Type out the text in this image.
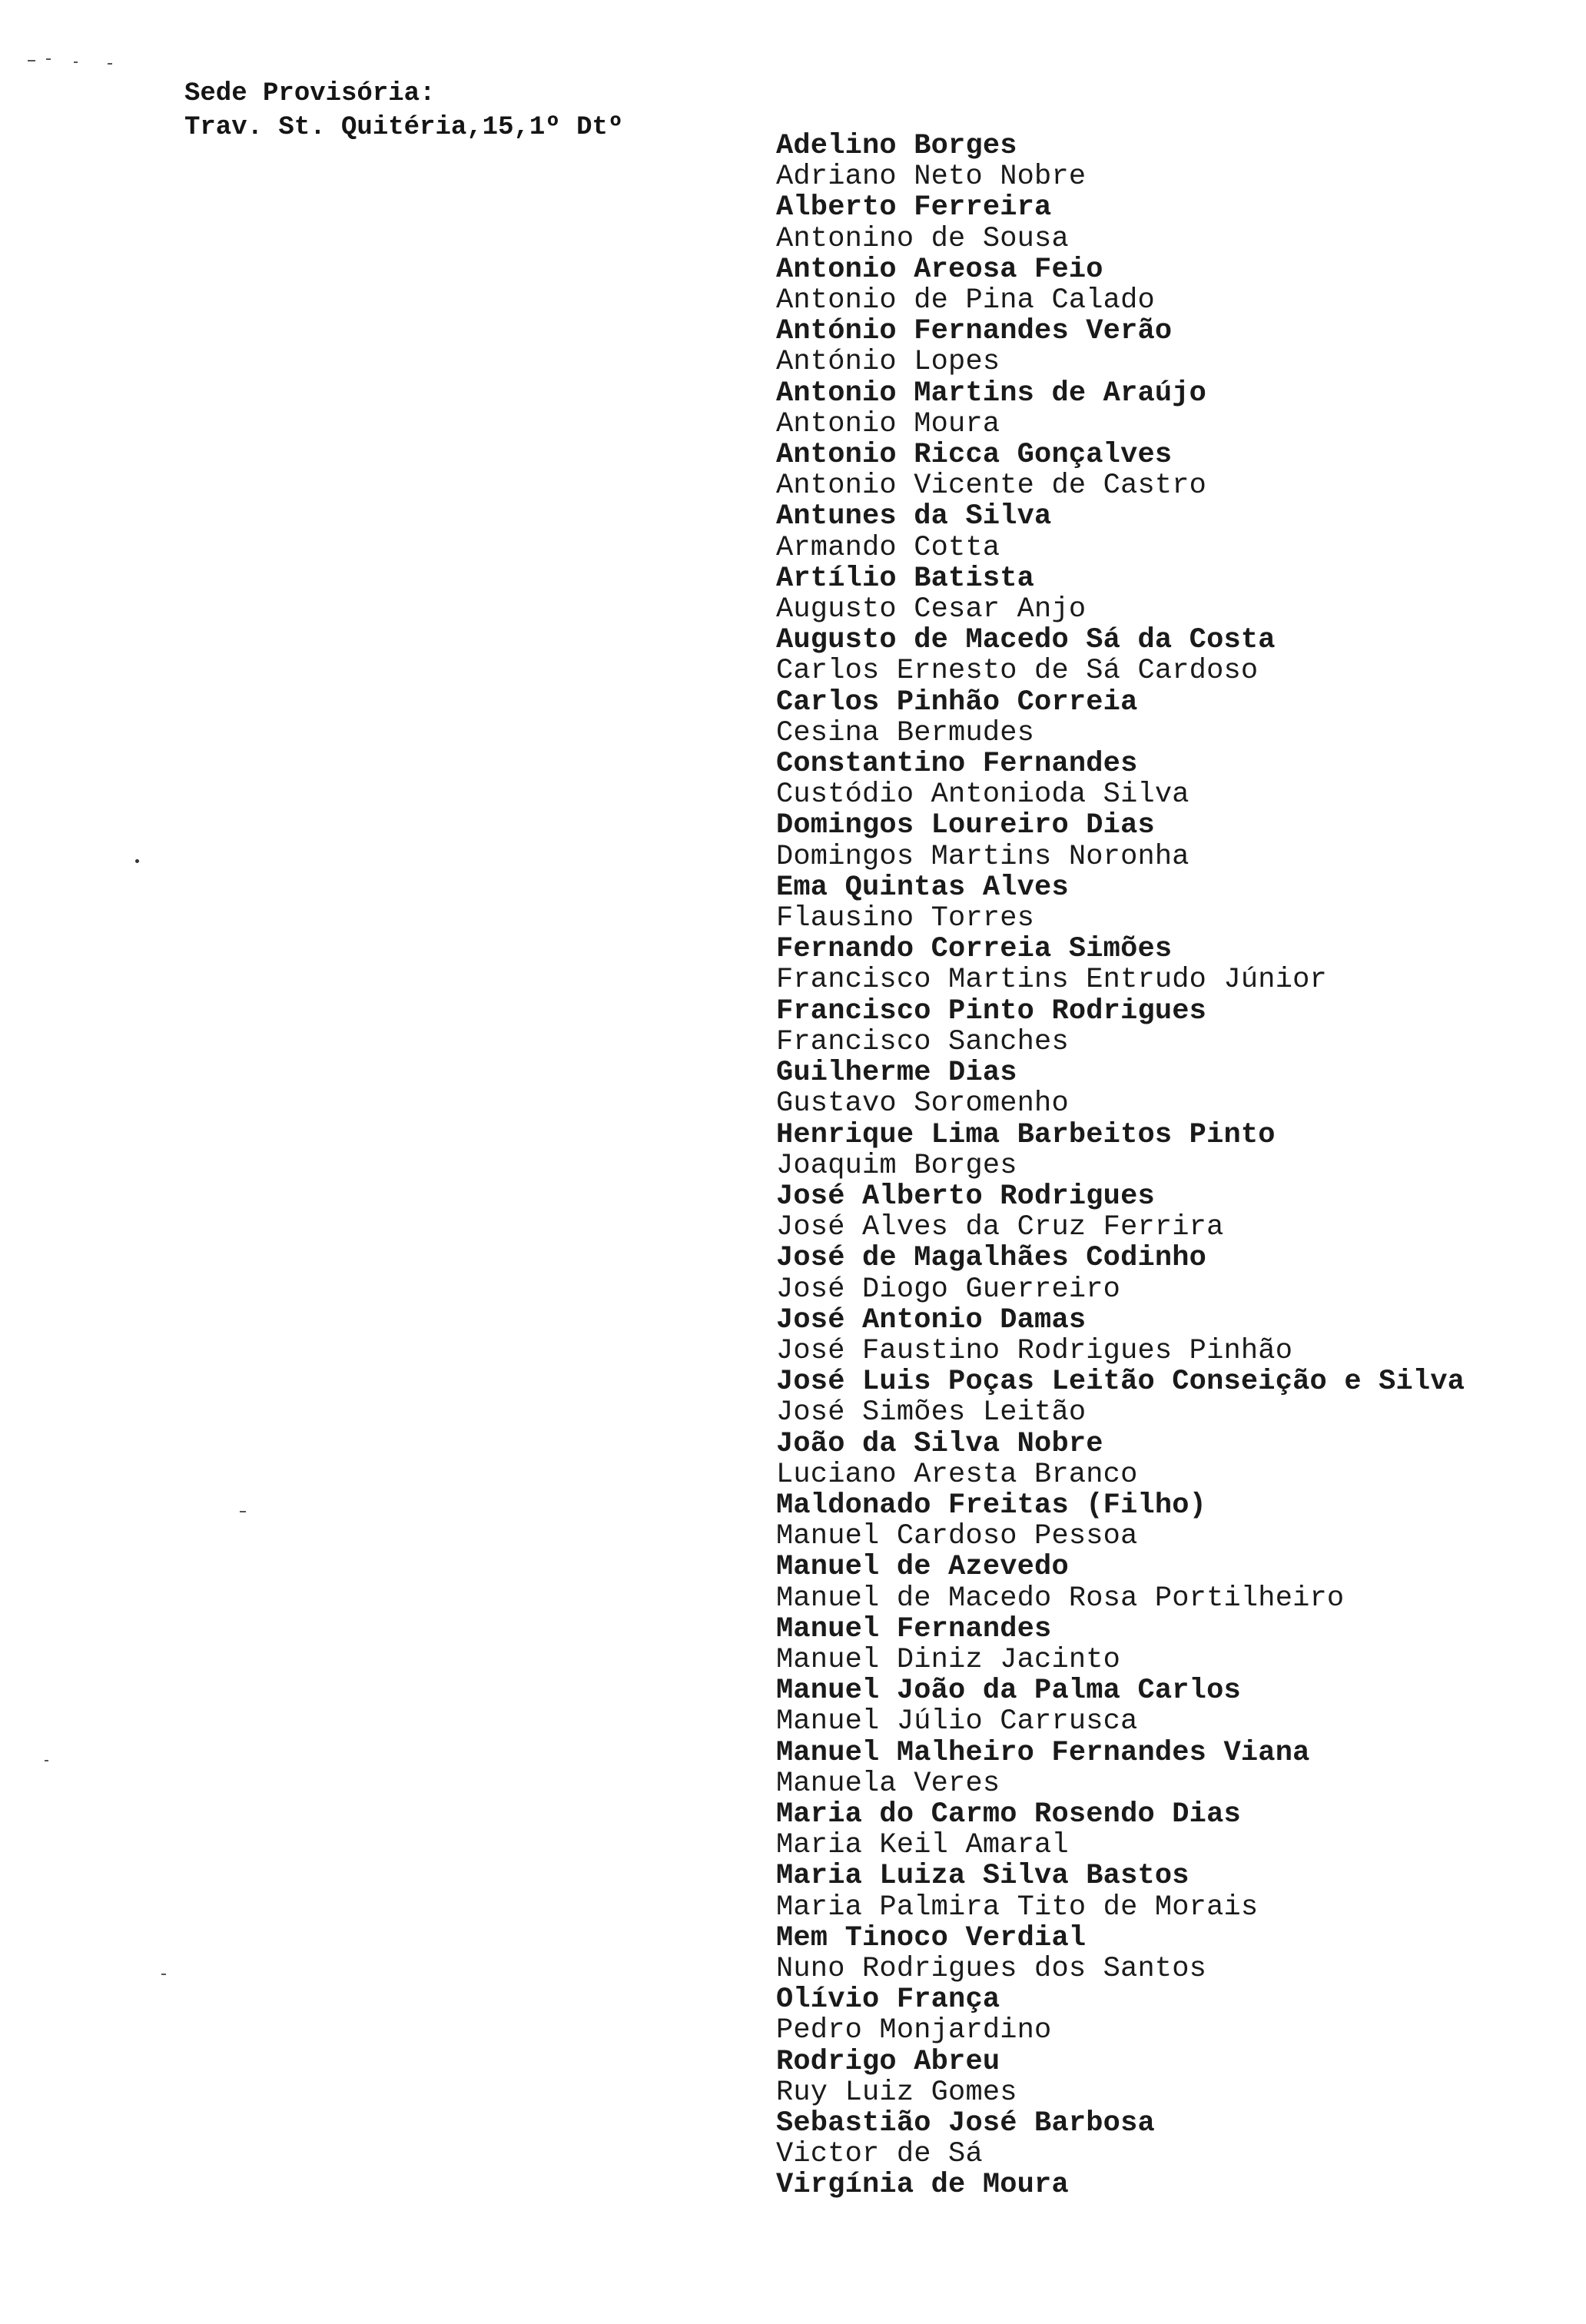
Sede Provisória:
Trav. St. Quitéria,15,1º Dtº
Adelino Borges
Adriano Neto Nobre
Alberto Ferreira
Antonino de Sousa
Antonio Areosa Feio
Antonio de Pina Calado
António Fernandes Verão
António Lopes
Antonio Martins de Araújo
Antonio Moura
Antonio Ricca Gonçalves
Antonio Vicente de Castro
Antunes da Silva
Armando Cotta
Artílio Batista
Augusto Cesar Anjo
Augusto de Macedo Sá da Costa
Carlos Ernesto de Sá Cardoso
Carlos Pinhão Correia
Cesina Bermudes
Constantino Fernandes
Custódio Antonioda Silva
Domingos Loureiro Dias
Domingos Martins Noronha
Ema Quintas Alves
Flausino Torres
Fernando Correia Simões
Francisco Martins Entrudo Júnior
Francisco Pinto Rodrigues
Francisco Sanches
Guilherme Dias
Gustavo Soromenho
Henrique Lima Barbeitos Pinto
Joaquim Borges
José Alberto Rodrigues
José Alves da Cruz Ferrira
José de Magalhães Codinho
José Diogo Guerreiro
José Antonio Damas
José Faustino Rodrigues Pinhão
José Luis Poças Leitão Conseição e Silva
José Simões Leitão
João da Silva Nobre
Luciano Aresta Branco
Maldonado Freitas (Filho)
Manuel Cardoso Pessoa
Manuel de Azevedo
Manuel de Macedo Rosa Portilheiro
Manuel Fernandes
Manuel Diniz Jacinto
Manuel João da Palma Carlos
Manuel Júlio Carrusca
Manuel Malheiro Fernandes Viana
Manuela Veres
Maria do Carmo Rosendo Dias
Maria Keil Amaral
Maria Luiza Silva Bastos
Maria Palmira Tito de Morais
Mem Tinoco Verdial
Nuno Rodrigues dos Santos
Olívio França
Pedro Monjardino
Rodrigo Abreu
Ruy Luiz Gomes
Sebastião José Barbosa
Victor de Sá
Virgínia de Moura
